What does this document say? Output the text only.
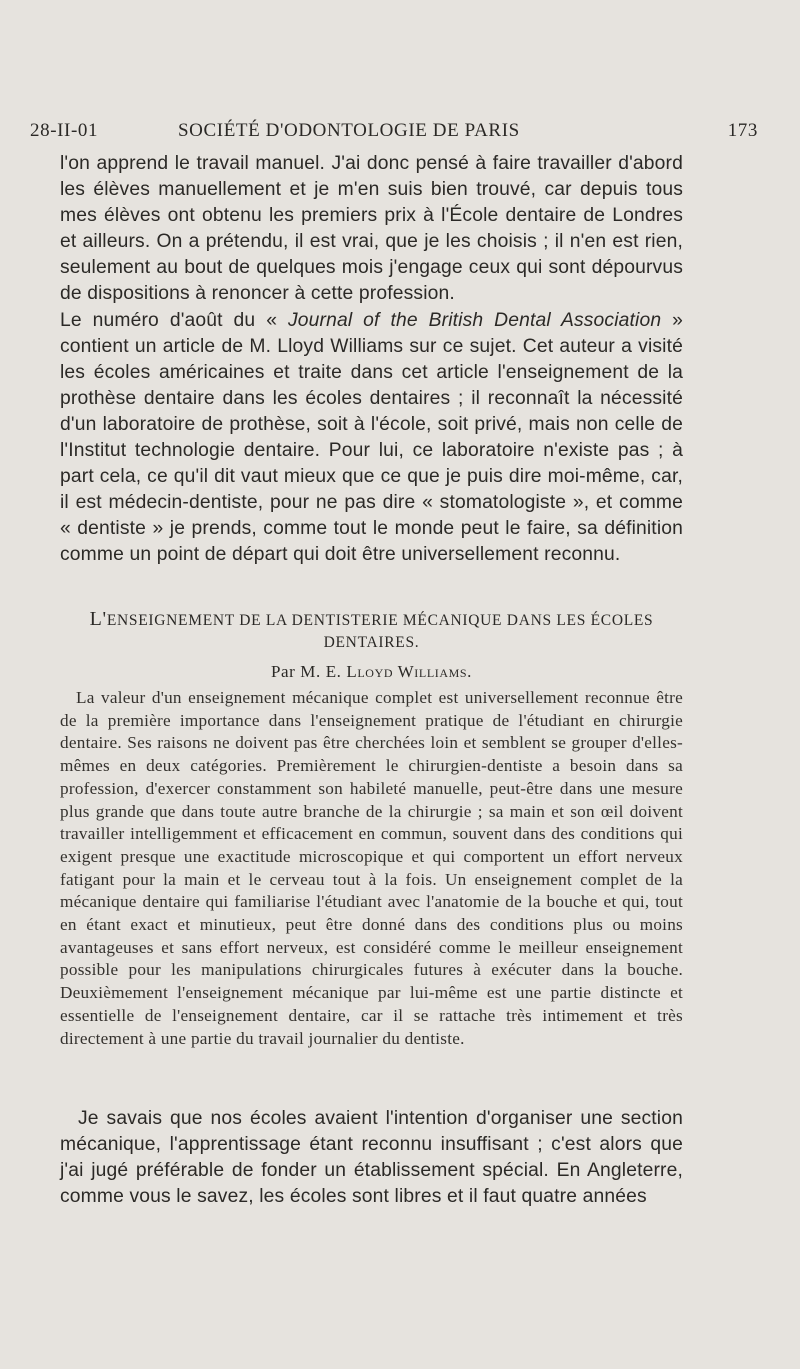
28-II-01	SOCIÉTÉ D'ODONTOLOGIE DE PARIS	173

l'on apprend le travail manuel. J'ai donc pensé à faire travailler d'abord les élèves manuellement et je m'en suis bien trouvé, car depuis tous mes élèves ont obtenu les premiers prix à l'École dentaire de Londres et ailleurs. On a prétendu, il est vrai, que je les choisis ; il n'en est rien, seulement au bout de quelques mois j'engage ceux qui sont dépourvus de dispositions à renoncer à cette profession.

Le numéro d'août du « Journal of the British Dental Association » contient un article de M. Lloyd Williams sur ce sujet. Cet auteur a visité les écoles américaines et traite dans cet article l'enseignement de la prothèse dentaire dans les écoles dentaires ; il reconnaît la nécessité d'un laboratoire de prothèse, soit à l'école, soit privé, mais non celle de l'Institut technologie dentaire. Pour lui, ce laboratoire n'existe pas ; à part cela, ce qu'il dit vaut mieux que ce que je puis dire moi-même, car, il est médecin-dentiste, pour ne pas dire « stomatologiste », et comme « dentiste » je prends, comme tout le monde peut le faire, sa définition comme un point de départ qui doit être universellement reconnu.

L'ENSEIGNEMENT DE LA DENTISTERIE MÉCANIQUE DANS LES ÉCOLES DENTAIRES.
Par M. E. Lloyd Williams.

La valeur d'un enseignement mécanique complet est universellement reconnue être de la première importance dans l'enseignement pratique de l'étudiant en chirurgie dentaire. Ses raisons ne doivent pas être cherchées loin et semblent se grouper d'elles-mêmes en deux catégories. Premièrement le chirurgien-dentiste a besoin dans sa profession, d'exercer constamment son habileté manuelle, peut-être dans une mesure plus grande que dans toute autre branche de la chirurgie ; sa main et son œil doivent travailler intelligemment et efficacement en commun, souvent dans des conditions qui exigent presque une exactitude microscopique et qui comportent un effort nerveux fatigant pour la main et le cerveau tout à la fois. Un enseignement complet de la mécanique dentaire qui familiarise l'étudiant avec l'anatomie de la bouche et qui, tout en étant exact et minutieux, peut être donné dans des conditions plus ou moins avantageuses et sans effort nerveux, est considéré comme le meilleur enseignement possible pour les manipulations chirurgicales futures à exécuter dans la bouche. Deuxièmement l'enseignement mécanique par lui-même est une partie distincte et essentielle de l'enseignement dentaire, car il se rattache très intimement et très directement à une partie du travail journalier du dentiste.

Je savais que nos écoles avaient l'intention d'organiser une section mécanique, l'apprentissage étant reconnu insuffisant ; c'est alors que j'ai jugé préférable de fonder un établissement spécial. En Angleterre, comme vous le savez, les écoles sont libres et il faut quatre années
